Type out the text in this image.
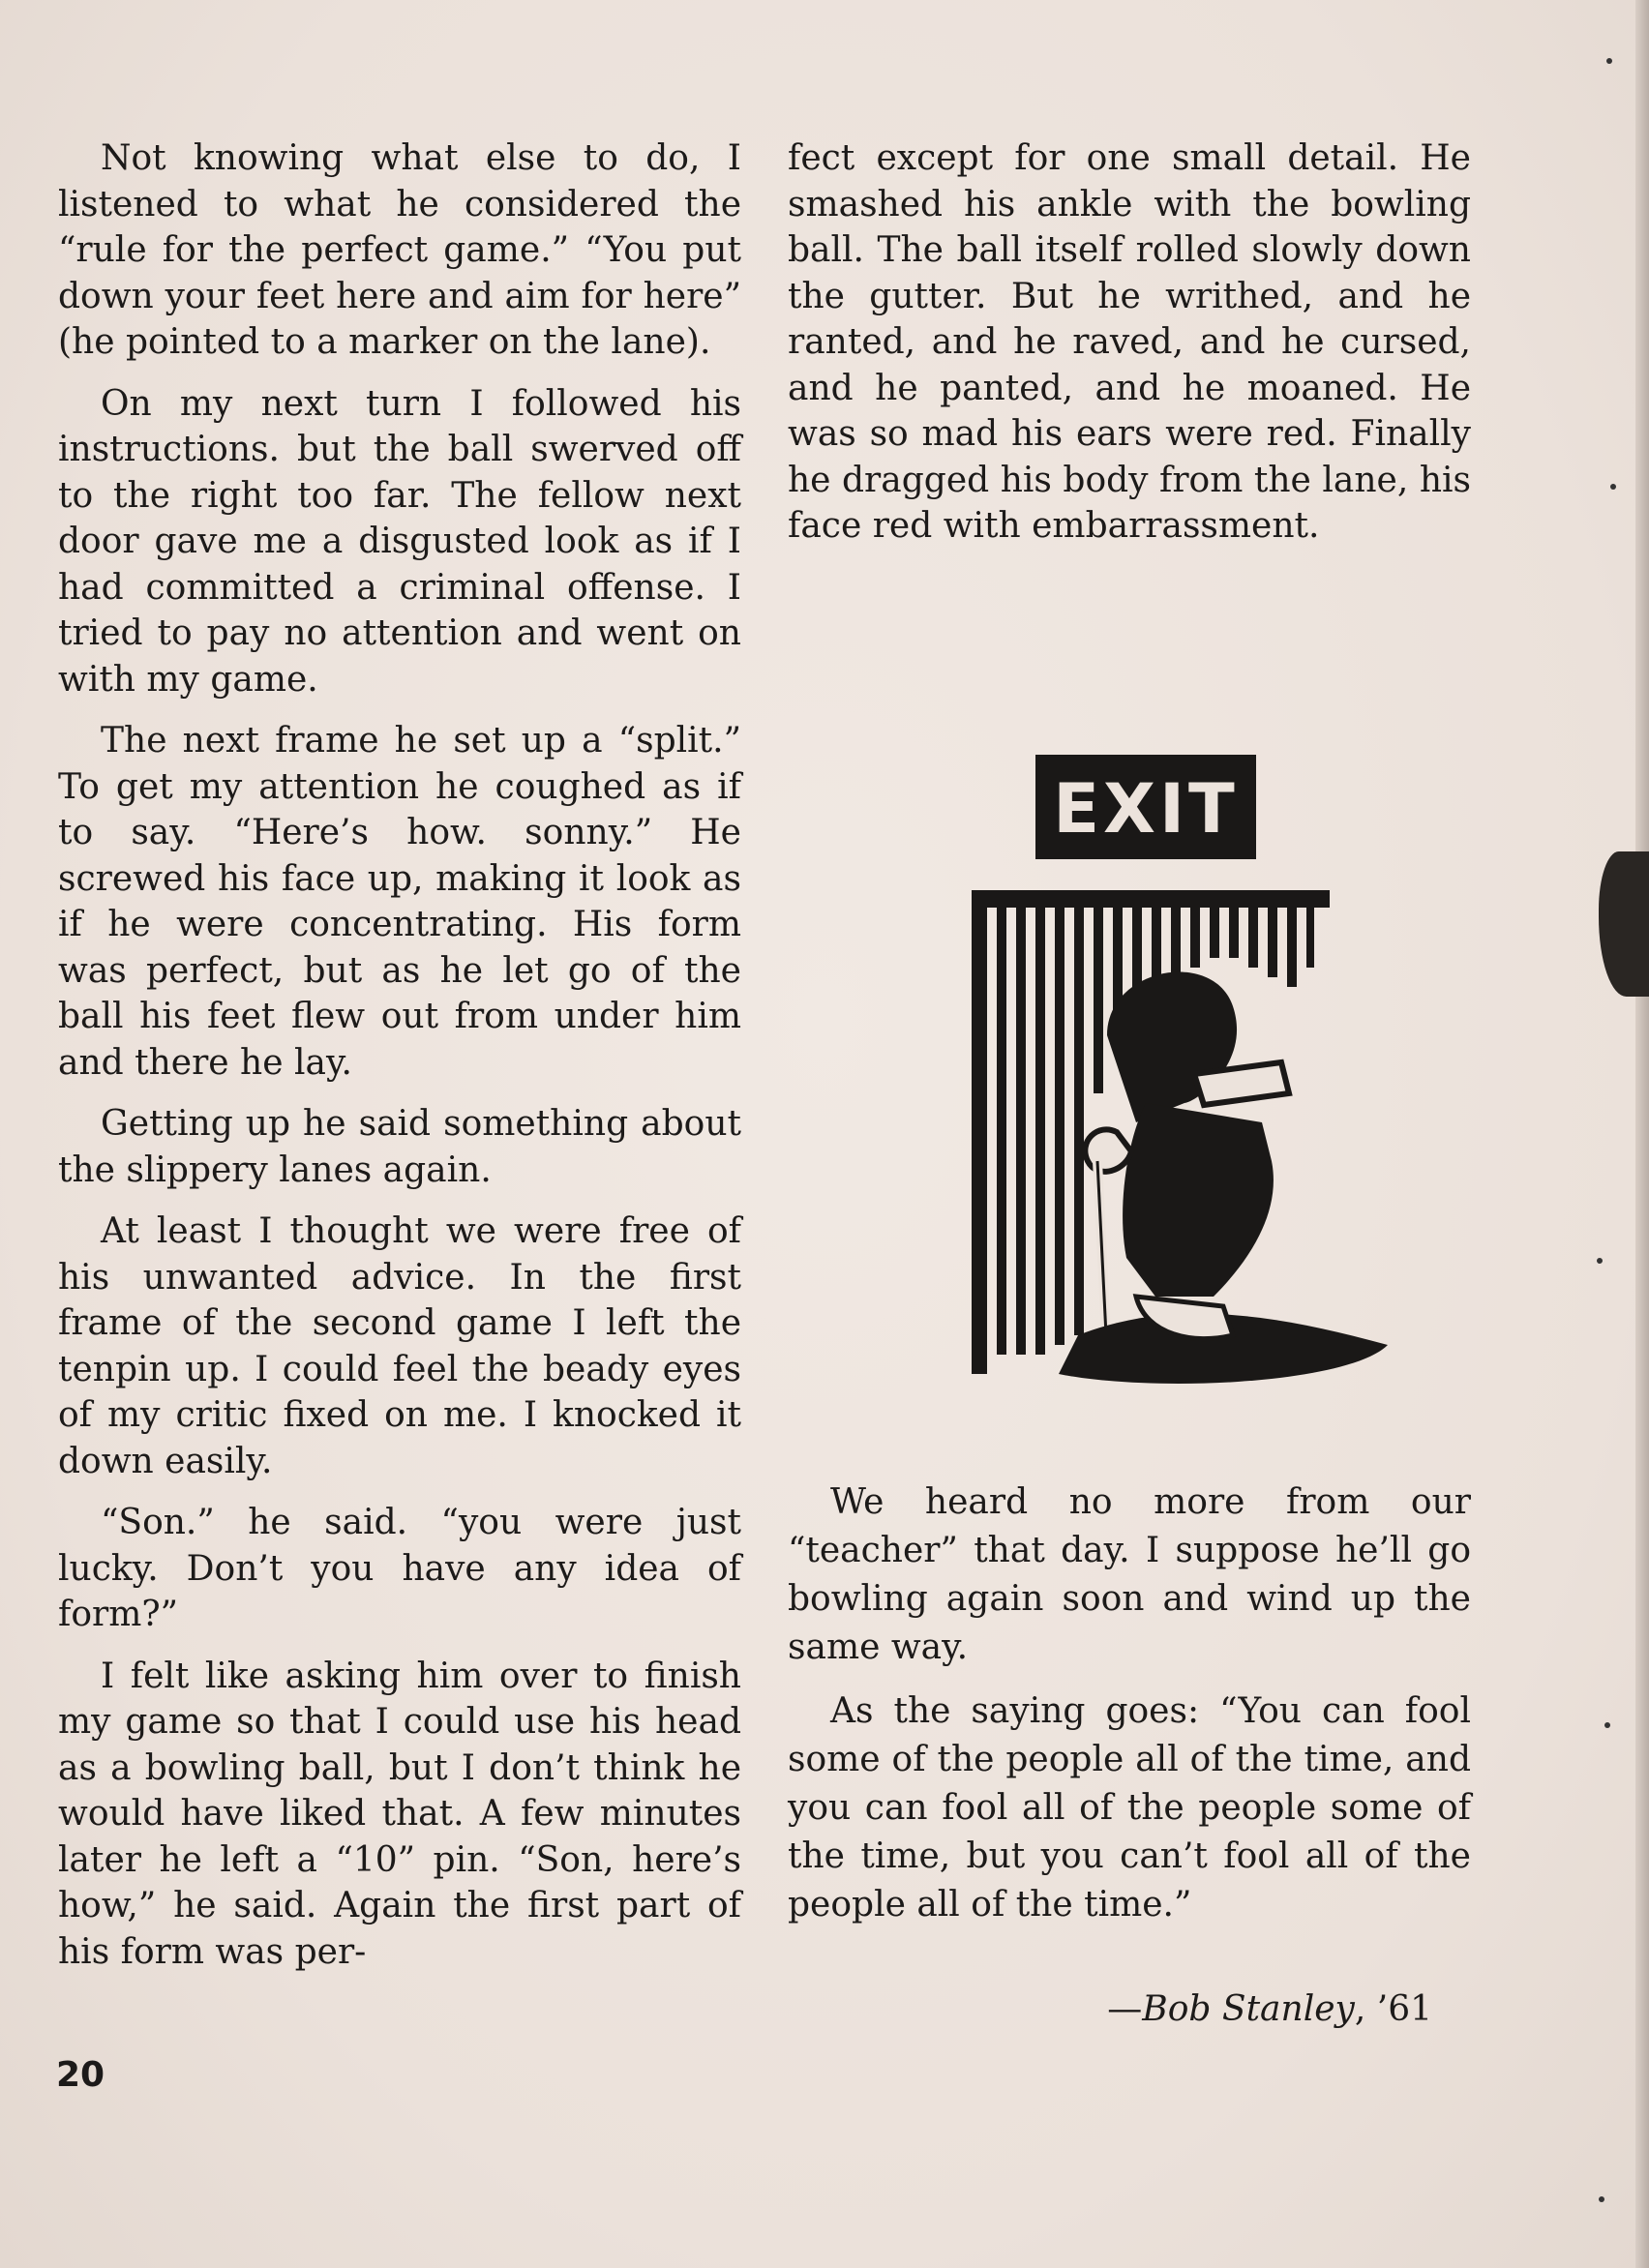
Not knowing what else to do, I listened to what he considered the “rule for the perfect game.” “You put down your feet here and aim for here” (he pointed to a marker on the lane).

On my next turn I followed his instructions. but the ball swerved off to the right too far. The fellow next door gave me a disgusted look as if I had committed a criminal offense. I tried to pay no attention and went on with my game.

The next frame he set up a “split.” To get my attention he coughed as if to say. “Here’s how. sonny.” He screwed his face up, making it look as if he were concentrating. His form was perfect, but as he let go of the ball his feet flew out from under him and there he lay.

Getting up he said something about the slippery lanes again.

At least I thought we were free of his unwanted advice. In the first frame of the second game I left the tenpin up. I could feel the beady eyes of my critic fixed on me. I knocked it down easily.

“Son.” he said. “you were just lucky. Don’t you have any idea of form?”

I felt like asking him over to finish my game so that I could use his head as a bowling ball, but I don’t think he would have liked that. A few minutes later he left a “10” pin. “Son, here’s how,” he said. Again the first part of his form was per-

fect except for one small detail. He smashed his ankle with the bowling ball. The ball itself rolled slowly down the gutter. But he writhed, and he ranted, and he raved, and he cursed, and he panted, and he moaned. He was so mad his ears were red. Finally he dragged his body from the lane, his face red with embarrassment.

EXIT

We heard no more from our “teacher” that day. I suppose he’ll go bowling again soon and wind up the same way.

As the saying goes: “You can fool some of the people all of the time, and you can fool all of the people some of the time, but you can’t fool all of the people all of the time.”

—Bob Stanley, ’61
20
